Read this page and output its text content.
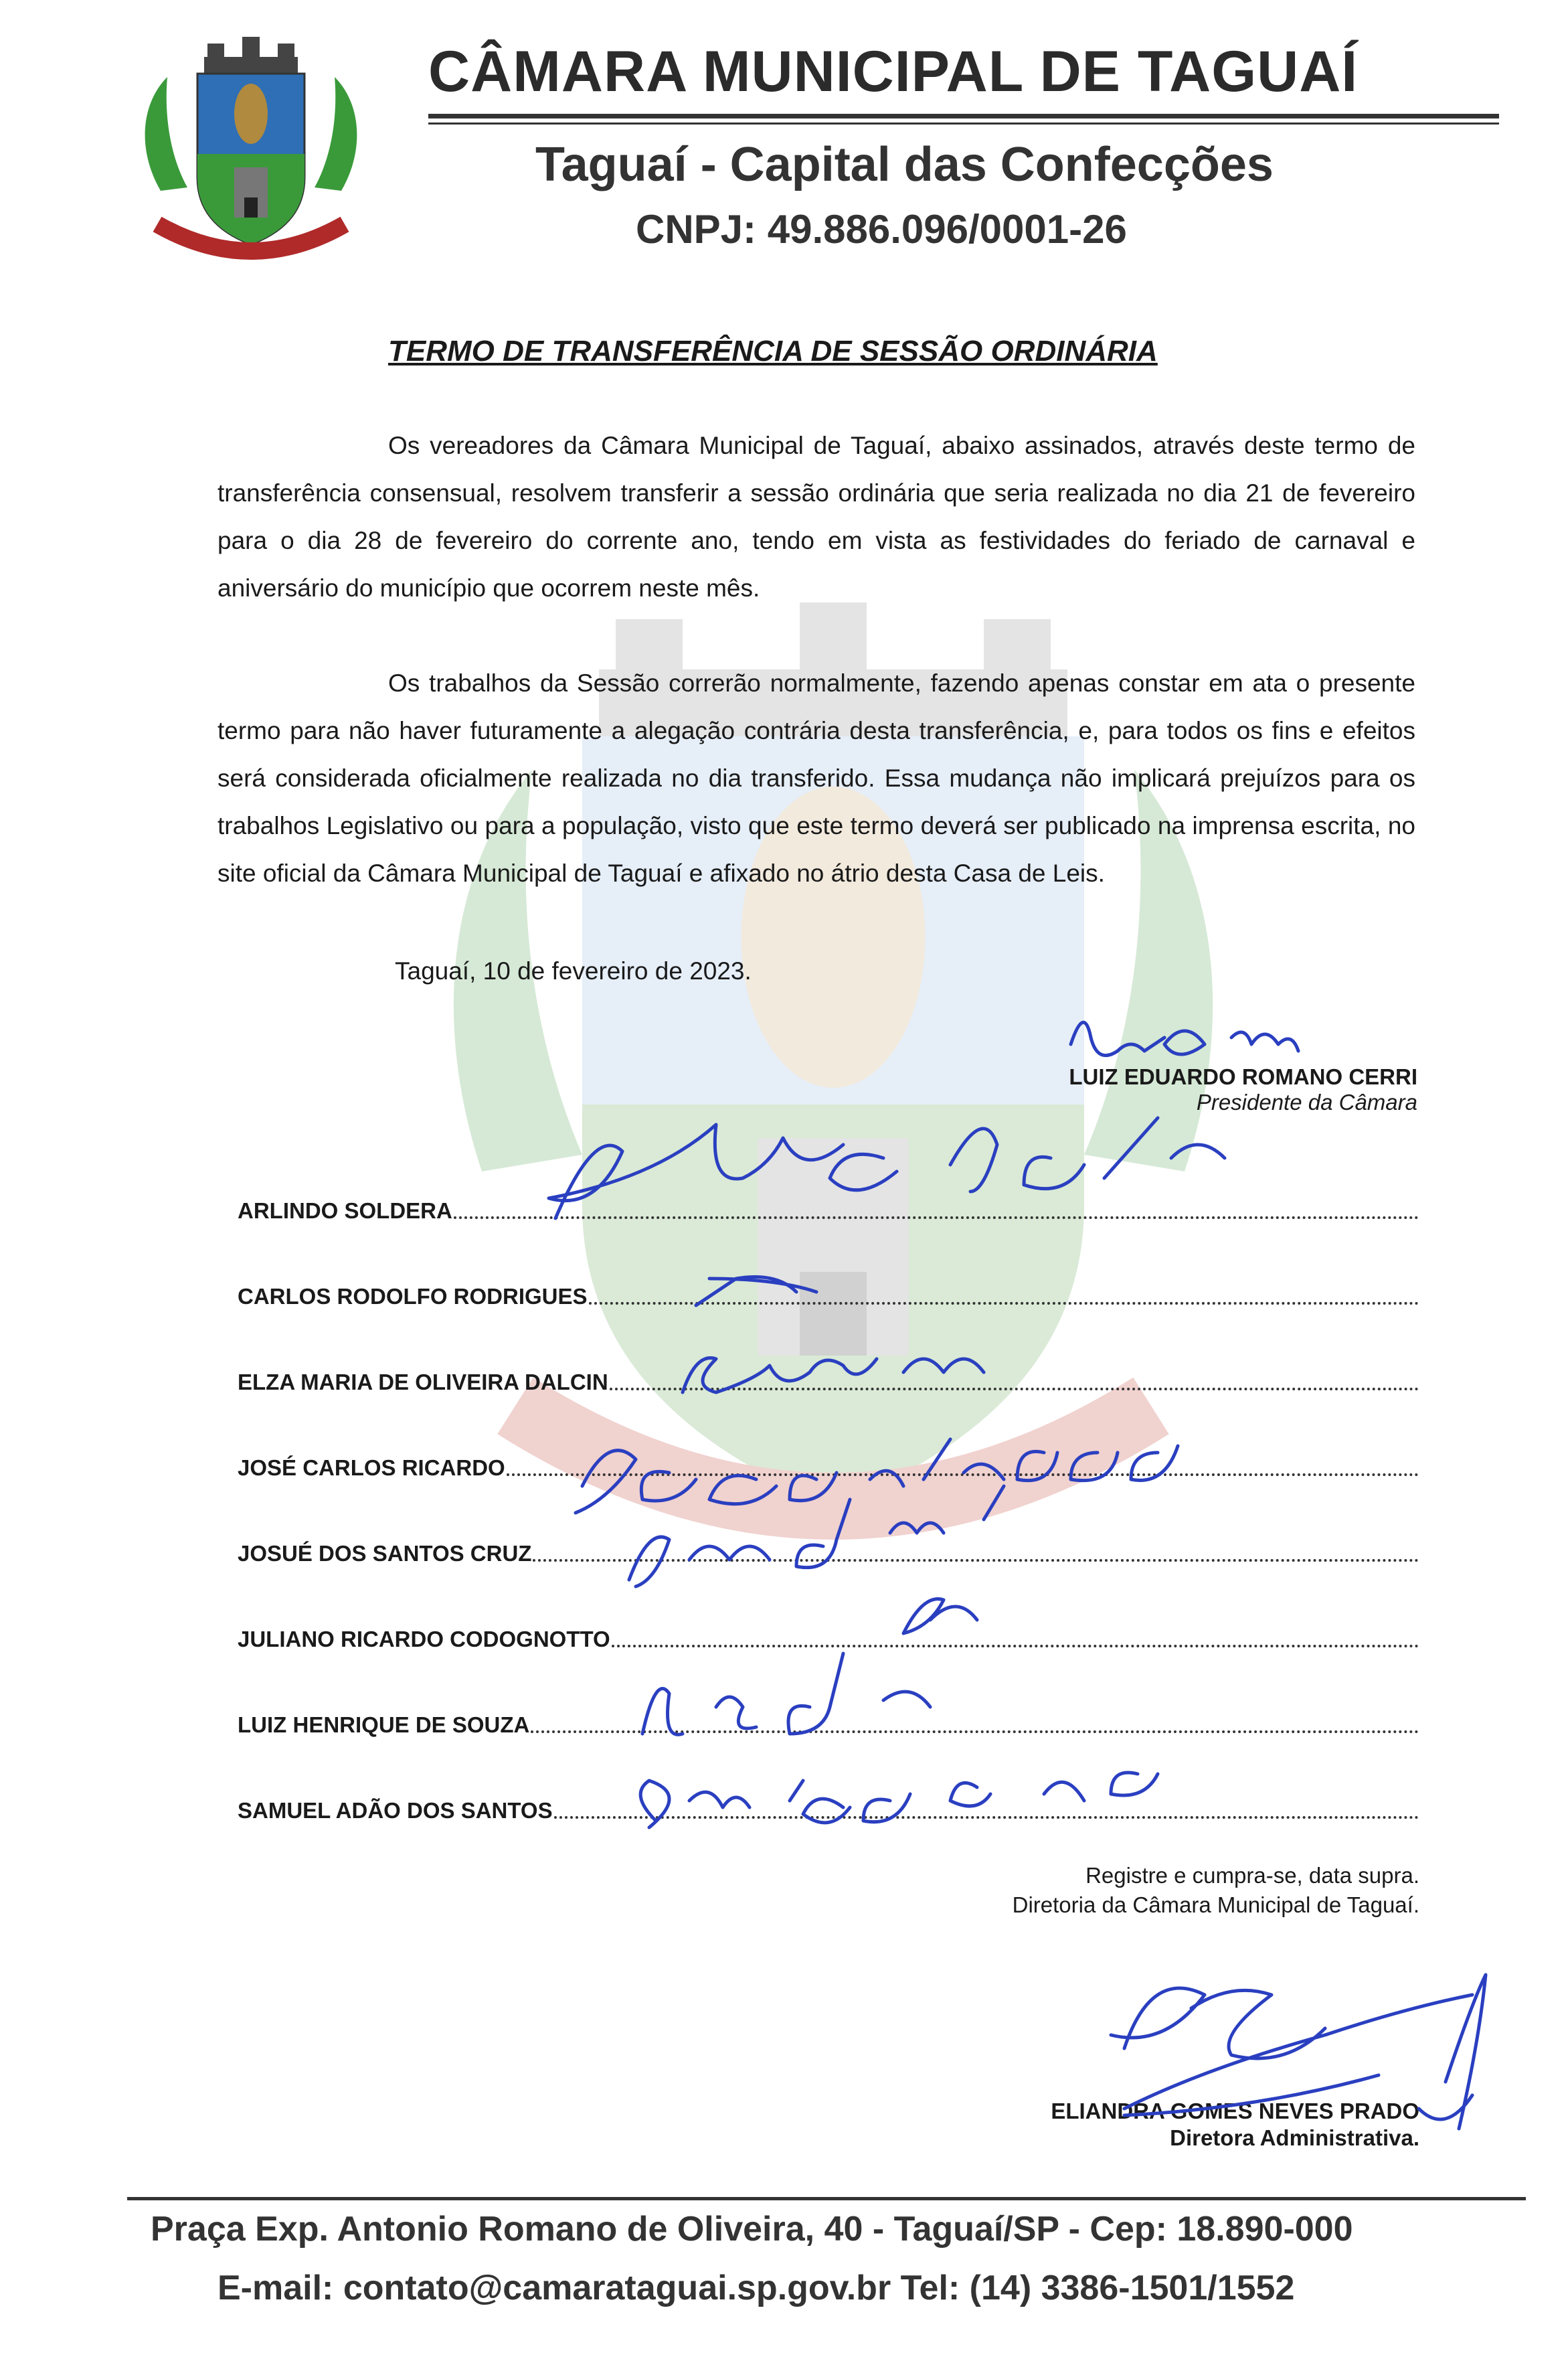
CÂMARA MUNICIPAL DE TAGUAÍ
Taguaí - Capital das Confecções
CNPJ: 49.886.096/0001-26
TERMO DE TRANSFERÊNCIA DE SESSÃO ORDINÁRIA

Os vereadores da Câmara Municipal de Taguaí, abaixo assinados, através deste termo de transferência consensual, resolvem transferir a sessão ordinária que seria realizada no dia 21 de fevereiro para o dia 28 de fevereiro do corrente ano, tendo em vista as festividades do feriado de carnaval e aniversário do município que ocorrem neste mês.

Os trabalhos da Sessão correrão normalmente, fazendo apenas constar em ata o presente termo para não haver futuramente a alegação contrária desta transferência, e, para todos os fins e efeitos será considerada oficialmente realizada no dia transferido. Essa mudança não implicará prejuízos para os trabalhos Legislativo ou para a população, visto que este termo deverá ser publicado na imprensa escrita, no site oficial da Câmara Municipal de Taguaí e afixado no átrio desta Casa de Leis.

Taguaí, 10 de fevereiro de 2023.
LUIZ EDUARDO ROMANO CERRI
Presidente da Câmara
ARLINDO SOLDERA
CARLOS RODOLFO RODRIGUES
ELZA MARIA DE OLIVEIRA DALCIN
JOSÉ CARLOS RICARDO
JOSUÉ DOS SANTOS CRUZ
JULIANO RICARDO CODOGNOTTO
LUIZ HENRIQUE DE SOUZA
SAMUEL ADÃO DOS SANTOS
Registre e cumpra-se, data supra.
Diretoria da Câmara Municipal de Taguaí.
ELIANDRA GOMES NEVES PRADO
Diretora Administrativa.
Praça Exp. Antonio Romano de Oliveira, 40 - Taguaí/SP - Cep: 18.890-000
E-mail: contato@camarataguai.sp.gov.br Tel: (14) 3386-1501/1552
